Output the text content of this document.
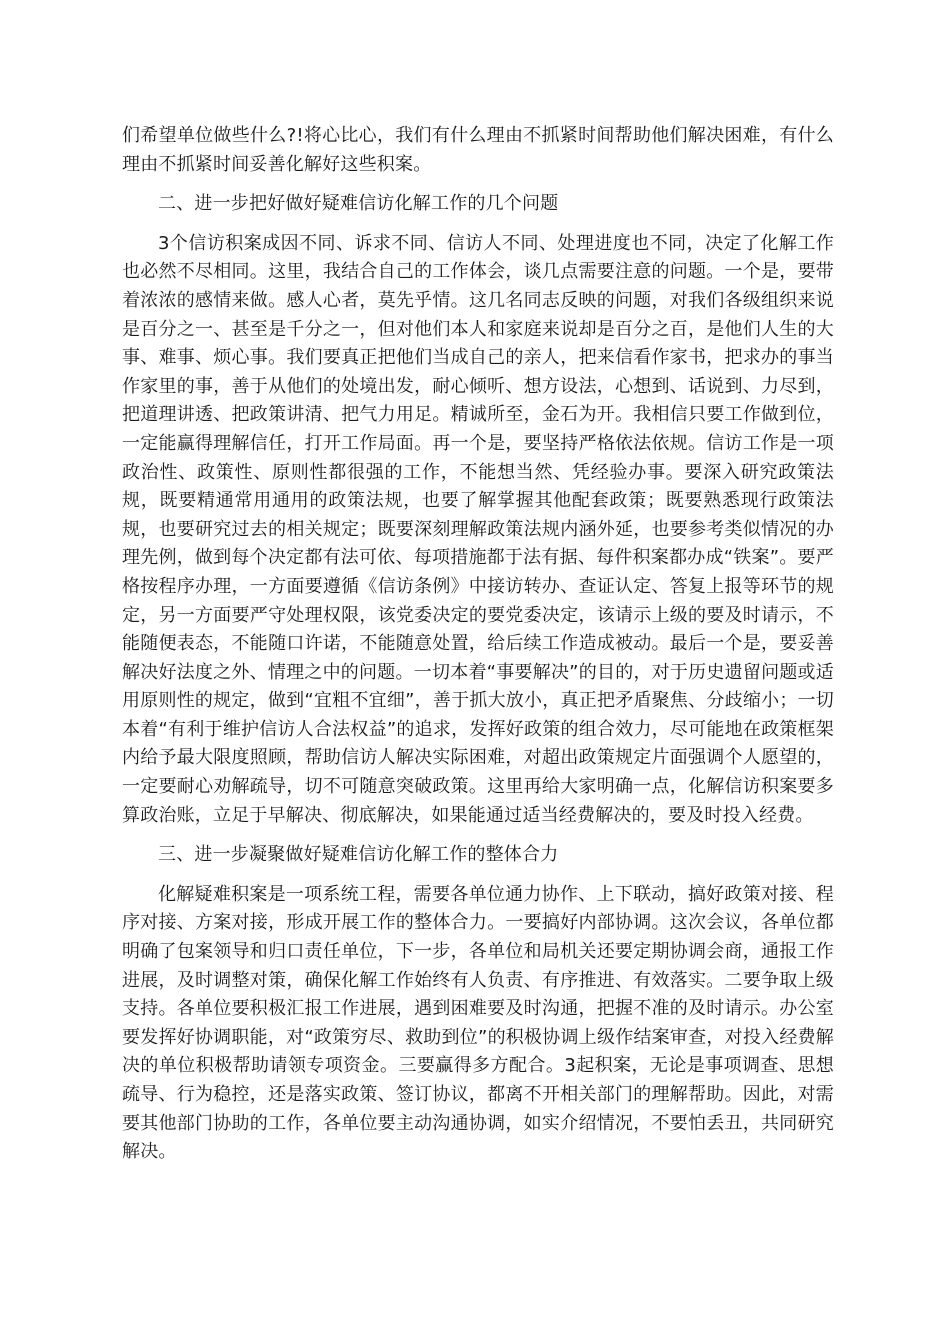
们希望单位做些什么?!将心比心，我们有什么理由不抓紧时间帮助他们解决困难，有什么理由不抓紧时间妥善化解好这些积案。

二、进一步把好做好疑难信访化解工作的几个问题

3个信访积案成因不同、诉求不同、信访人不同、处理进度也不同，决定了化解工作也必然不尽相同。这里，我结合自己的工作体会，谈几点需要注意的问题。一个是，要带着浓浓的感情来做。感人心者，莫先乎情。这几名同志反映的问题，对我们各级组织来说是百分之一、甚至是千分之一，但对他们本人和家庭来说却是百分之百，是他们人生的大事、难事、烦心事。我们要真正把他们当成自己的亲人，把来信看作家书，把求办的事当作家里的事，善于从他们的处境出发，耐心倾听、想方设法，心想到、话说到、力尽到，把道理讲透、把政策讲清、把气力用足。精诚所至，金石为开。我相信只要工作做到位，一定能赢得理解信任，打开工作局面。再一个是，要坚持严格依法依规。信访工作是一项政治性、政策性、原则性都很强的工作，不能想当然、凭经验办事。要深入研究政策法规，既要精通常用通用的政策法规，也要了解掌握其他配套政策；既要熟悉现行政策法规，也要研究过去的相关规定；既要深刻理解政策法规内涵外延，也要参考类似情况的办理先例，做到每个决定都有法可依、每项措施都于法有据、每件积案都办成“铁案”。要严格按程序办理，一方面要遵循《信访条例》中接访转办、查证认定、答复上报等环节的规定，另一方面要严守处理权限，该党委决定的要党委决定，该请示上级的要及时请示，不能随便表态，不能随口许诺，不能随意处置，给后续工作造成被动。最后一个是，要妥善解决好法度之外、情理之中的问题。一切本着“事要解决”的目的，对于历史遗留问题或适用原则性的规定，做到“宜粗不宜细”，善于抓大放小，真正把矛盾聚焦、分歧缩小；一切本着“有利于维护信访人合法权益”的追求，发挥好政策的组合效力，尽可能地在政策框架内给予最大限度照顾，帮助信访人解决实际困难，对超出政策规定片面强调个人愿望的，一定要耐心劝解疏导，切不可随意突破政策。这里再给大家明确一点，化解信访积案要多算政治账，立足于早解决、彻底解决，如果能通过适当经费解决的，要及时投入经费。

三、进一步凝聚做好疑难信访化解工作的整体合力

化解疑难积案是一项系统工程，需要各单位通力协作、上下联动，搞好政策对接、程序对接、方案对接，形成开展工作的整体合力。一要搞好内部协调。这次会议，各单位都明确了包案领导和归口责任单位，下一步，各单位和局机关还要定期协调会商，通报工作进展，及时调整对策，确保化解工作始终有人负责、有序推进、有效落实。二要争取上级支持。各单位要积极汇报工作进展，遇到困难要及时沟通，把握不准的及时请示。办公室要发挥好协调职能，对“政策穷尽、救助到位”的积极协调上级作结案审查，对投入经费解决的单位积极帮助请领专项资金。三要赢得多方配合。3起积案，无论是事项调查、思想疏导、行为稳控，还是落实政策、签订协议，都离不开相关部门的理解帮助。因此，对需要其他部门协助的工作，各单位要主动沟通协调，如实介绍情况，不要怕丢丑，共同研究解决。
